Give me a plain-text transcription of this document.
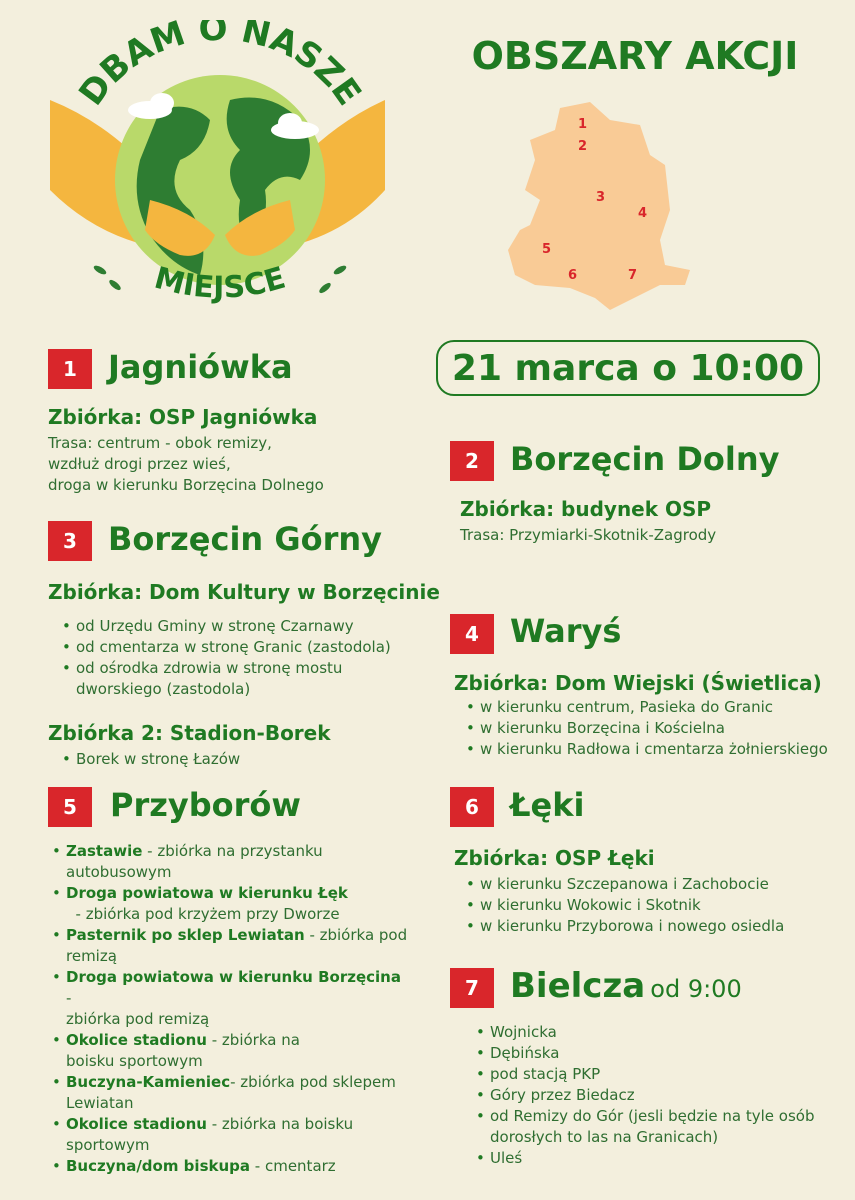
DBAM O NASZE
MIEJSCE
OBSZARY AKCJI
1
2
3
4
5
6	7
21 marca o 10:00
1 Jagniówka
Zbiórka: OSP Jagniówka
Trasa: centrum - obok remizy,
wzdłuż drogi przez wieś,
droga w kierunku Borzęcina Dolnego
2 Borzęcin Dolny
Zbiórka: budynek OSP
Trasa: Przymiarki-Skotnik-Zagrody
3 Borzęcin Górny
Zbiórka: Dom Kultury w Borzęcinie
• od Urzędu Gminy w stronę Czarnawy
• od cmentarza w stronę Granic (zastodola)
• od ośrodka zdrowia w stronę mostu dworskiego (zastodola)
Zbiórka 2: Stadion-Borek
• Borek w stronę Łazów
4 Waryś
Zbiórka: Dom Wiejski (Świetlica)
• w kierunku centrum, Pasieka do Granic
• w kierunku Borzęcina i Kościelna
• w kierunku Radłowa i cmentarza żołnierskiego
5	Przyborów
• Zastawie - zbiórka na przystanku
autobusowym
• Droga powiatowa w kierunku Łęk
- zbiórka pod krzyżem przy Dworze
• Pasternik po sklep Lewiatan - zbiórka pod
remizą
• Droga powiatowa w kierunku Borzęcina -
zbiórka pod remizą
• Okolice stadionu - zbiórka na
boisku sportowym
• Buczyna-Kamieniec- zbiórka pod sklepem
Lewiatan
• Okolice stadionu - zbiórka na boisku
sportowym
• Buczyna/dom biskupa - cmentarz
6 Łęki
Zbiórka: OSP Łęki
• w kierunku Szczepanowa i Zachobocie
• w kierunku Wokowic i Skotnik
• w kierunku Przyborowa i nowego osiedla
7 Bielcza od 9:00
• Wojnicka
• Dębińska
• pod stacją PKP
• Góry przez Biedacz
• od Remizy do Gór (jesli będzie na tyle osób dorosłych to las na Granicach)
• Uleś
